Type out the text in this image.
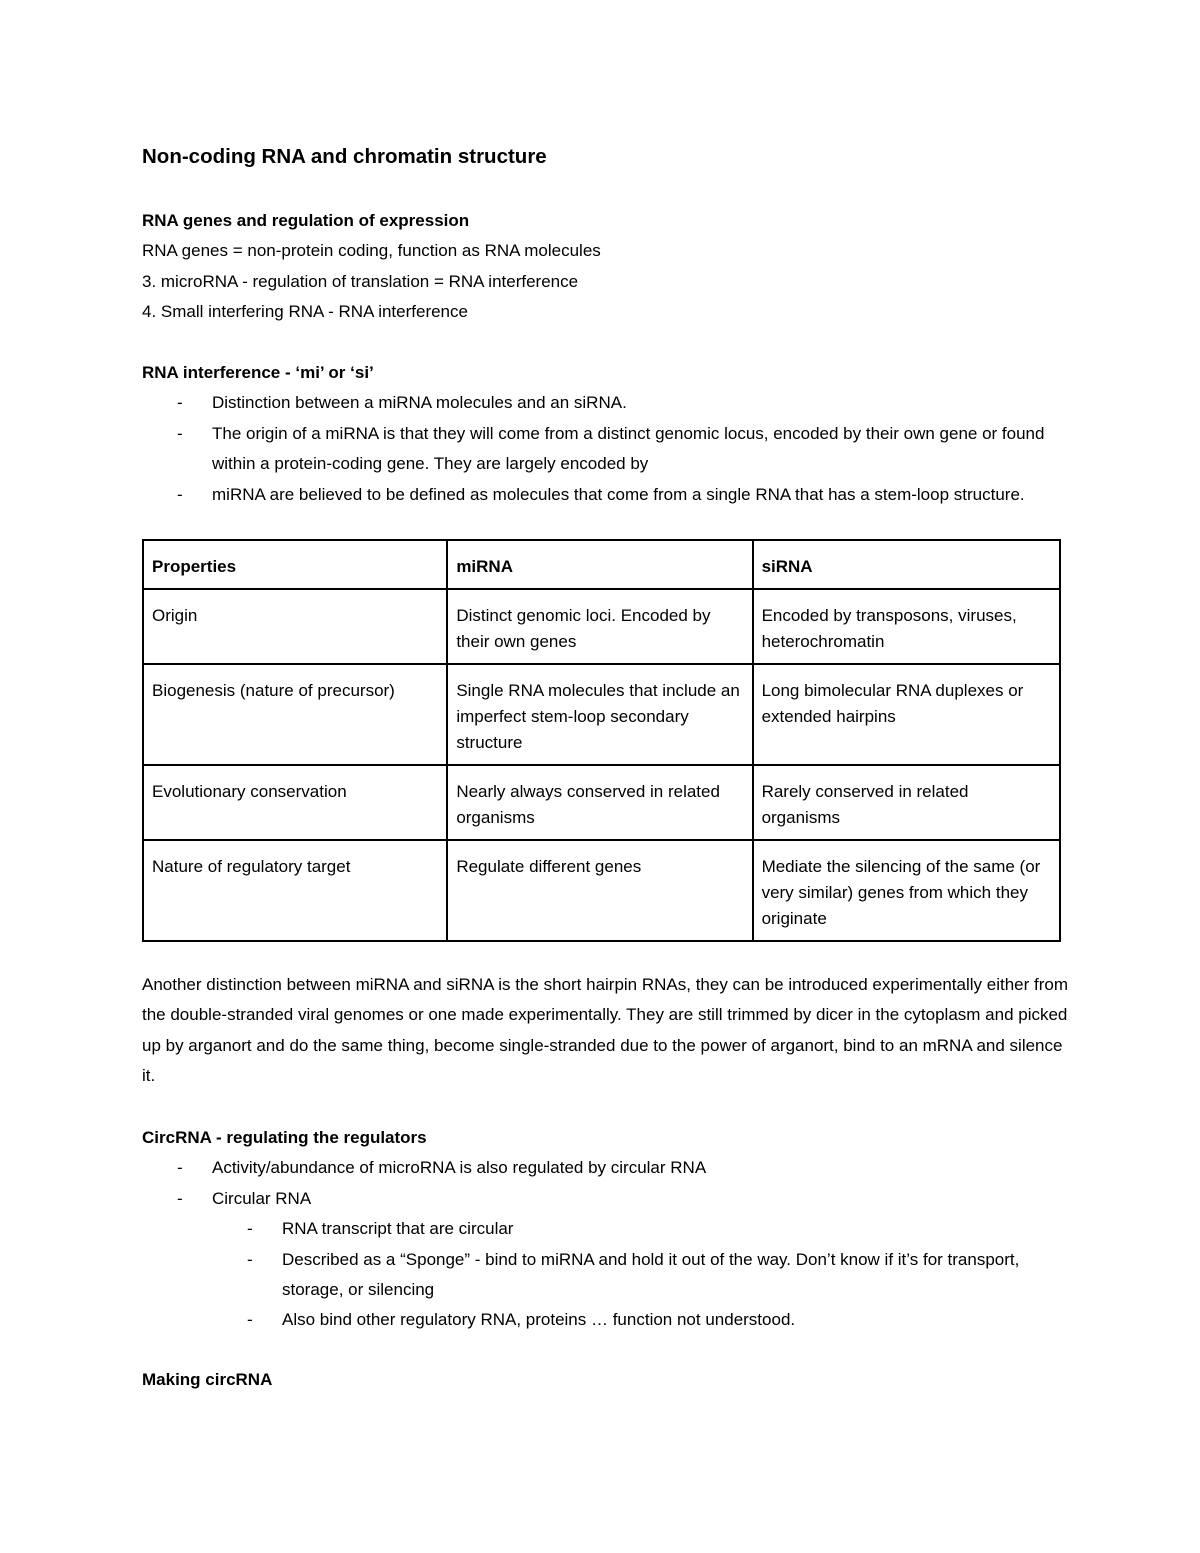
Non-coding RNA and chromatin structure
RNA genes and regulation of expression
RNA genes = non-protein coding, function as RNA molecules
3. microRNA - regulation of translation = RNA interference
4. Small interfering RNA - RNA interference
RNA interference - ‘mi’ or ‘si’
- Distinction between a miRNA molecules and an siRNA.
- The origin of a miRNA is that they will come from a distinct genomic locus, encoded by their own gene or found within a protein-coding gene. They are largely encoded by
- miRNA are believed to be defined as molecules that come from a single RNA that has a stem-loop structure.
Properties	miRNA	siRNA
Origin	Distinct genomic loci. Encoded by their own genes	Encoded by transposons, viruses, heterochromatin
Biogenesis (nature of precursor)	Single RNA molecules that include an imperfect stem-loop secondary structure	Long bimolecular RNA duplexes or extended hairpins
Evolutionary conservation	Nearly always conserved in related organisms	Rarely conserved in related organisms
Nature of regulatory target	Regulate different genes	Mediate the silencing of the same (or very similar) genes from which they originate
Another distinction between miRNA and siRNA is the short hairpin RNAs, they can be introduced experimentally either from the double-stranded viral genomes or one made experimentally. They are still trimmed by dicer in the cytoplasm and picked up by arganort and do the same thing, become single-stranded due to the power of arganort, bind to an mRNA and silence it.
CircRNA - regulating the regulators
- Activity/abundance of microRNA is also regulated by circular RNA
- Circular RNA
- RNA transcript that are circular
- Described as a “Sponge” - bind to miRNA and hold it out of the way. Don’t know if it’s for transport, storage, or silencing
- Also bind other regulatory RNA, proteins … function not understood.
Making circRNA
